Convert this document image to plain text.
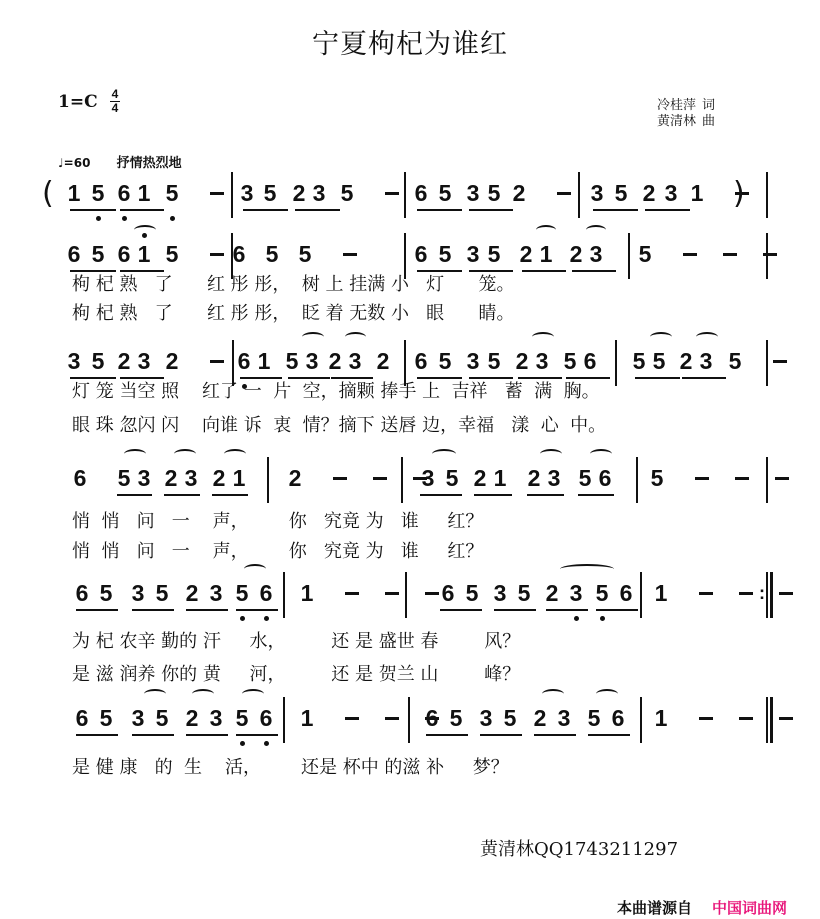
宁夏枸杞为谁红
1=C 4
4	冷桂萍 词
黄清林 曲
♩=60 抒情热烈地
1 5 6 1 5	3 5 2 3 5	6 5 3 5 2	3 5 2 3 1
(	)
6 5 6 1 5 6 5 5	6 5 3 5 2 1 2 3 5
枸 杞 熟   了      红 彤 彤，  树 上 挂满 小   灯      笼。
枸 杞 熟   了      红 彤 彤，  眨 着 无数 小   眼      睛。
3 5 2 3 2	6 1 5 3 2 3 2 6 5 3 5 2 3 5 6 5 5 2 3 5
灯 笼 当空 照    红了 一  片  空，摘颗 捧手 上  吉祥   蓄  满  胸。
眼 珠 忽闪 闪    向谁 诉  衷  情？摘下 送唇 边，幸福   漾  心  中。
6 5 3 2 3 2 1 2	3 5 2 1 2 3 5 6 5
悄  悄   问   一    声，       你   究竟 为   谁     红？
悄  悄   问   一    声，       你   究竟 为   谁     红？
6 5 3 5 2 3 5 6 1	6 5 3 5 2 3 5 6 1	:
为 杞 农辛 勤的 汗     水，        还 是 盛世 春        风？
是 滋 润养 你的 黄     河，        还 是 贺兰 山        峰？
6 5 3 5 2 3 5 6 1	6 5 3 5 2 3 5 6 1
是 健 康   的  生    活，       还是 杯中 的滋 补     梦？
黄清林QQ1743211297
本曲谱源自 中国词曲网
